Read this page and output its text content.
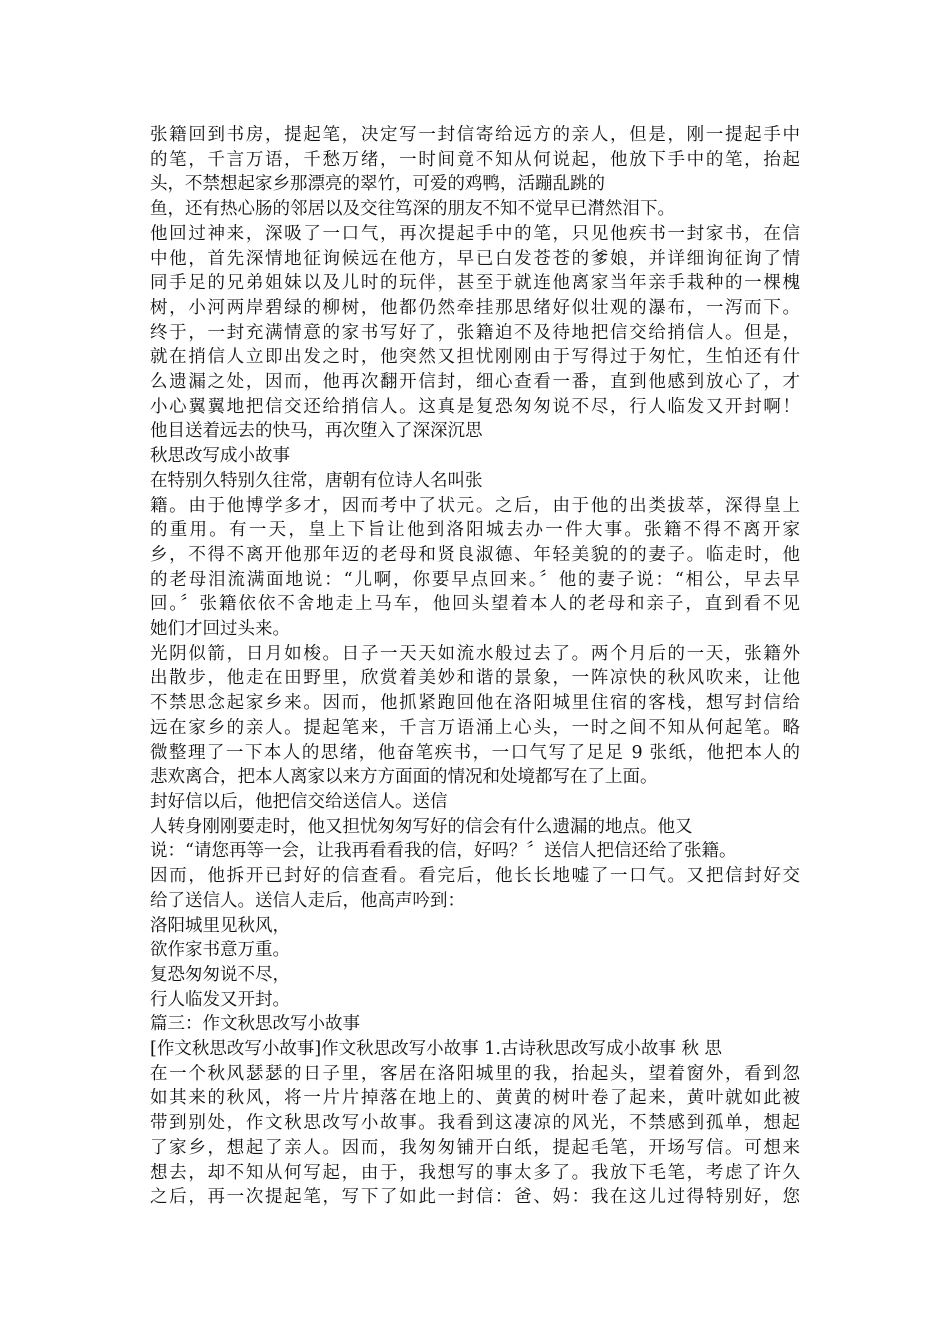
张籍回到书房，提起笔，决定写一封信寄给远方的亲人，但是，刚一提起手中
的笔，千言万语，千愁万绪，一时间竟不知从何说起，他放下手中的笔，抬起
头，不禁想起家乡那漂亮的翠竹，可爱的鸡鸭，活蹦乱跳的
鱼，还有热心肠的邻居以及交往笃深的朋友不知不觉早已潸然泪下。
他回过神来，深吸了一口气，再次提起手中的笔，只见他疾书一封家书，在信
中他，首先深情地征询候远在他方，早已白发苍苍的爹娘，并详细询征询了情
同手足的兄弟姐妹以及儿时的玩伴，甚至于就连他离家当年亲手栽种的一棵槐
树，小河两岸碧绿的柳树，他都仍然牵挂那思绪好似壮观的瀑布，一泻而下。
终于，一封充满情意的家书写好了，张籍迫不及待地把信交给捎信人。但是，
就在捎信人立即出发之时，他突然又担忧刚刚由于写得过于匆忙，生怕还有什
么遗漏之处，因而，他再次翻开信封，细心查看一番，直到他感到放心了，才
小心翼翼地把信交还给捎信人。这真是复恐匆匆说不尽，行人临发又开封啊！
他目送着远去的快马，再次堕入了深深沉思
秋思改写成小故事
在特别久特别久往常，唐朝有位诗人名叫张
籍。由于他博学多才，因而考中了状元。之后，由于他的出类拔萃，深得皇上
的重用。有一天，皇上下旨让他到洛阳城去办一件大事。张籍不得不离开家
乡，不得不离开他那年迈的老母和贤良淑德、年轻美貌的的妻子。临走时，他
的老母泪流满面地说：“儿啊，你要早点回来。〞他的妻子说：“相公，早去早
回。〞张籍依依不舍地走上马车，他回头望着本人的老母和亲子，直到看不见
她们才回过头来。
光阴似箭，日月如梭。日子一天天如流水般过去了。两个月后的一天，张籍外
出散步，他走在田野里，欣赏着美妙和谐的景象，一阵凉快的秋风吹来，让他
不禁思念起家乡来。因而，他抓紧跑回他在洛阳城里住宿的客栈，想写封信给
远在家乡的亲人。提起笔来，千言万语涌上心头，一时之间不知从何起笔。略
微整理了一下本人的思绪，他奋笔疾书，一口气写了足足 9 张纸，他把本人的
悲欢离合，把本人离家以来方方面面的情况和处境都写在了上面。
封好信以后，他把信交给送信人。送信
人转身刚刚要走时，他又担忧匆匆写好的信会有什么遗漏的地点。他又
说：“请您再等一会，让我再看看我的信，好吗？〞送信人把信还给了张籍。
因而，他拆开已封好的信查看。看完后，他长长地嘘了一口气。又把信封好交
给了送信人。送信人走后，他高声吟到：
洛阳城里见秋风，
欲作家书意万重。
复恐匆匆说不尽，
行人临发又开封。
篇三：作文秋思改写小故事
[作文秋思改写小故事]作文秋思改写小故事 1.古诗秋思改写成小故事 秋 思
在一个秋风瑟瑟的日子里，客居在洛阳城里的我，抬起头，望着窗外，看到忽
如其来的秋风，将一片片掉落在地上的、黄黄的树叶卷了起来，黄叶就如此被
带到别处，作文秋思改写小故事。我看到这凄凉的风光，不禁感到孤单，想起
了家乡，想起了亲人。因而，我匆匆铺开白纸，提起毛笔，开场写信。可想来
想去，却不知从何写起，由于，我想写的事太多了。我放下毛笔，考虑了许久
之后，再一次提起笔，写下了如此一封信：爸、妈：我在这儿过得特别好，您
